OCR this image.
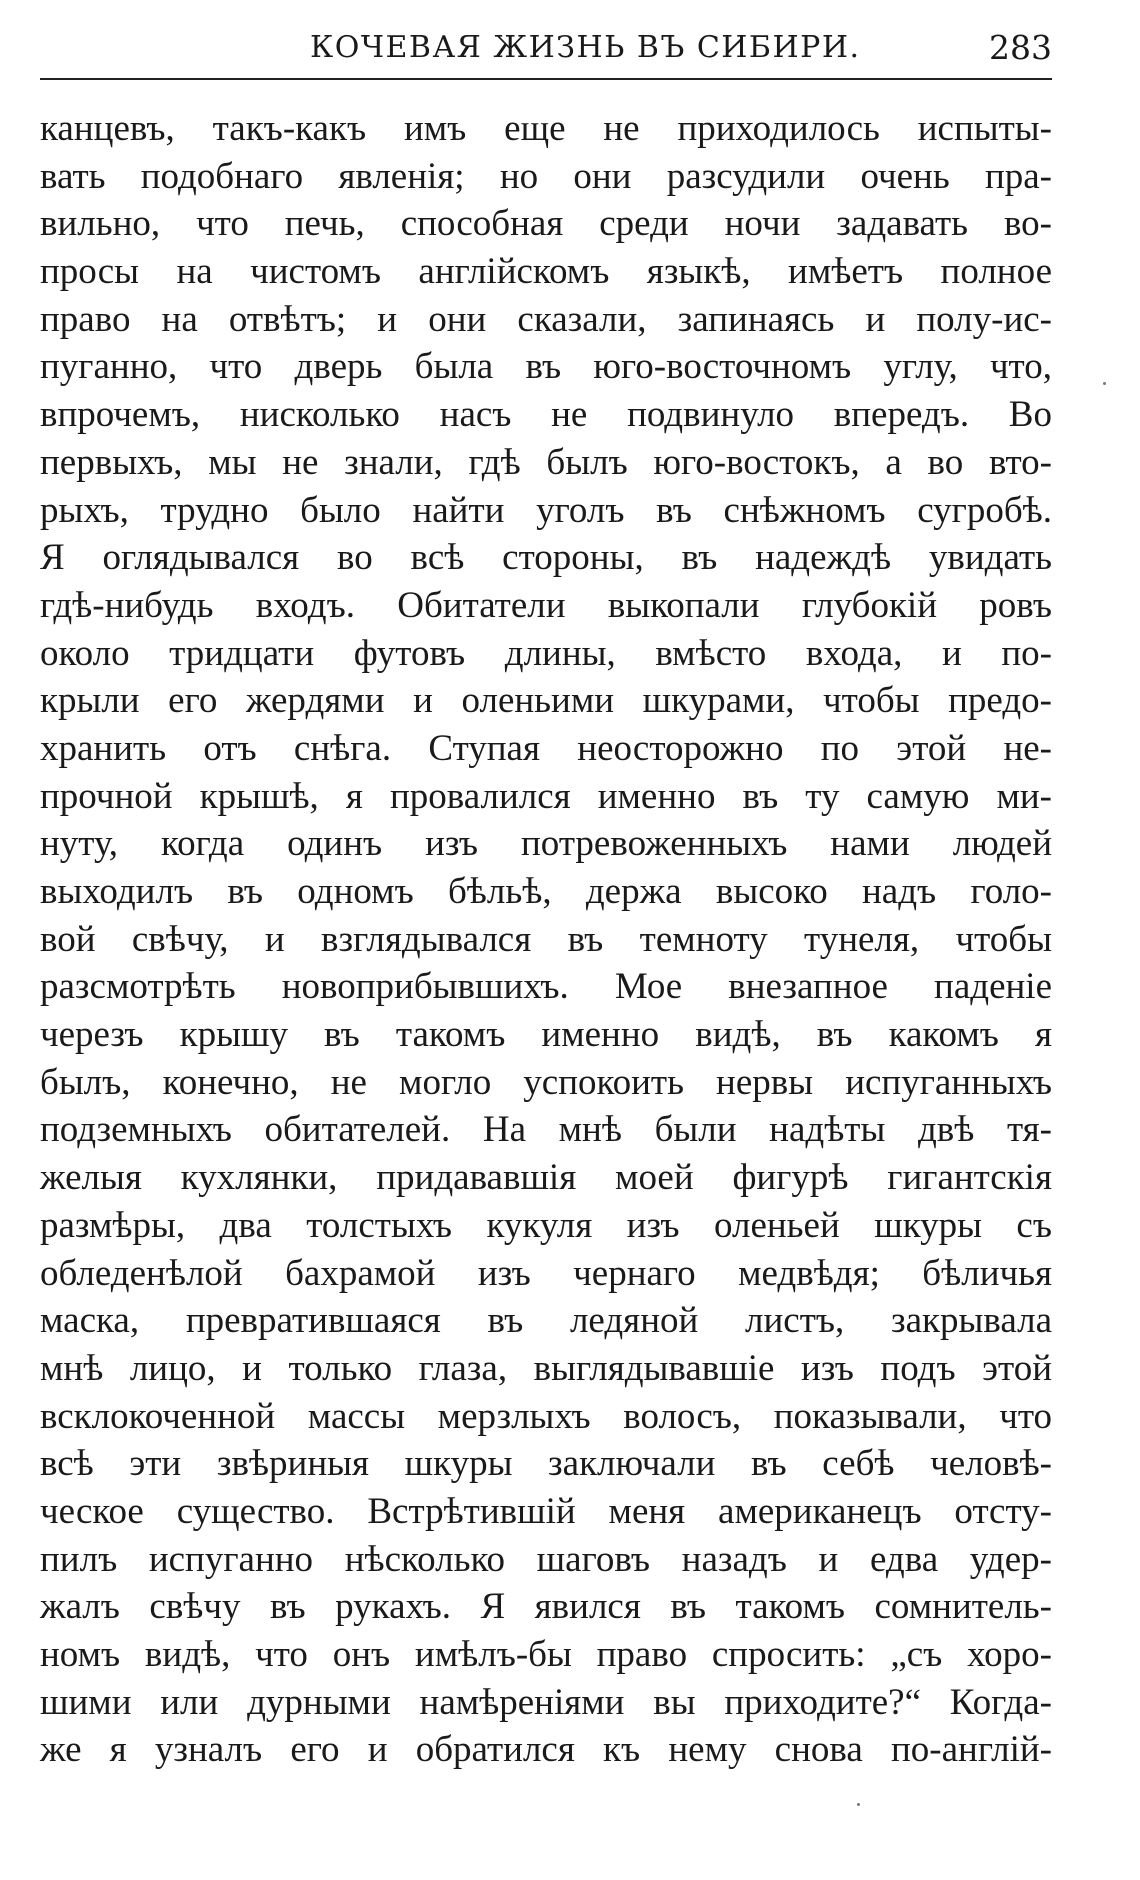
КОЧЕВАЯ ЖИЗНЬ ВЪ СИБИРИ.	283
канцевъ, такъ-какъ имъ еще не приходилось испыты-
вать подобнаго явленія; но они разсудили очень пра-
вильно, что печь, способная среди ночи задавать во-
просы на чистомъ англійскомъ языкѣ, имѣетъ полное
право на отвѣтъ; и они сказали, запинаясь и полу-ис-
пуганно, что дверь была въ юго-восточномъ углу, что,
впрочемъ, нисколько насъ не подвинуло впередъ. Во
первыхъ, мы не знали, гдѣ былъ юго-востокъ, а во вто-
рыхъ, трудно было найти уголъ въ снѣжномъ сугробѣ.
Я оглядывался во всѣ стороны, въ надеждѣ увидать
гдѣ-нибудь входъ. Обитатели выкопали глубокій ровъ
около тридцати футовъ длины, вмѣсто входа, и по-
крыли его жердями и оленьими шкурами, чтобы предо-
хранить отъ снѣга. Ступая неосторожно по этой не-
прочной крышѣ, я провалился именно въ ту самую ми-
нуту, когда одинъ изъ потревоженныхъ нами людей
выходилъ въ одномъ бѣльѣ, держа высоко надъ голо-
вой свѣчу, и взглядывался въ темноту тунеля, чтобы
разсмотрѣть новоприбывшихъ. Мое внезапное паденіе
черезъ крышу въ такомъ именно видѣ, въ какомъ я
былъ, конечно, не могло успокоить нервы испуганныхъ
подземныхъ обитателей. На мнѣ были надѣты двѣ тя-
желыя кухлянки, придававшія моей фигурѣ гигантскія
размѣры, два толстыхъ кукуля изъ оленьей шкуры съ
обледенѣлой бахрамой изъ чернаго медвѣдя; бѣличья
маска, превратившаяся въ ледяной листъ, закрывала
мнѣ лицо, и только глаза, выглядывавшіе изъ подъ этой
всклокоченной массы мерзлыхъ волосъ, показывали, что
всѣ эти звѣриныя шкуры заключали въ себѣ человѣ-
ческое существо. Встрѣтившій меня американецъ отсту-
пилъ испуганно нѣсколько шаговъ назадъ и едва удер-
жалъ свѣчу въ рукахъ. Я явился въ такомъ сомнитель-
номъ видѣ, что онъ имѣлъ-бы право спросить: „съ хоро-
шими или дурными намѣреніями вы приходите?“ Когда-
же я узналъ его и обратился къ нему снова по-англій-
